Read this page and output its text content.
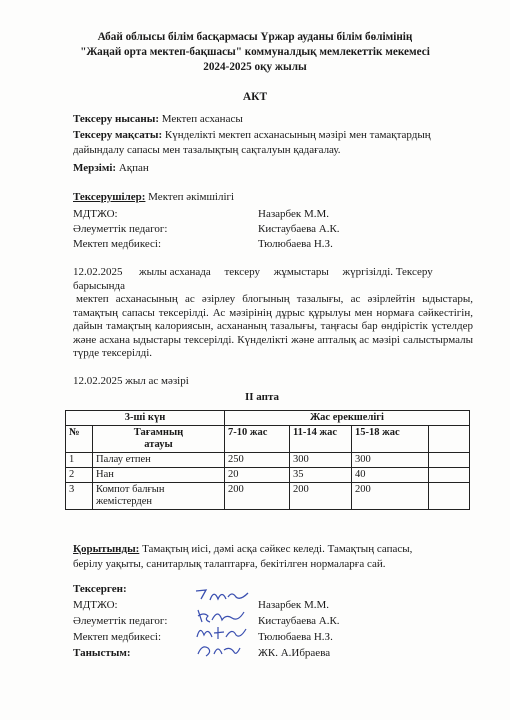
Абай облысы білім басқармасы Үржар ауданы білім бөлімінің
"Жаңай орта мектеп-бақшасы" коммуналдық мемлекеттік мекемесі
2024-2025 оқу жылы
АКТ
Тексеру нысаны: Мектеп асханасы
Тексеру мақсаты: Күнделікті мектеп асханасының мәзірі мен тамақтардың
дайындалу сапасы мен тазалықтың сақталуын қадағалау.
Мерзімі: Ақпан
Тексерушілер: Мектеп әкімшілігі
МДТЖО:	Назарбек М.М.
Әлеуметтік педагог:	Кистаубаева А.К.
Мектеп медбикесі:	Тюлюбаева Н.З.
12.02.2025      жылы асханада     тексеру     жұмыстары     жүргізілді. Тексеру
барысында
мектеп асханасының ас әзірлеу блогының тазалығы, ас әзірлейтін ыдыстары, тамақтың сапасы тексерілді. Ас мәзірінің дұрыс құрылуы мен нормаға сәйкестігін, дайын тамақтың калориясын, асхананың тазалығы, таңғасы бар өндірістік үстелдер және асхана ыдыстары тексерілді. Күнделікті және апталық ас мәзірі салыстырмалы түрде тексерілді.
12.02.2025 жыл ас мәзірі
II апта
3-ші күн		Жас ерекшелігі			
№	Тағамның
атауы	7-10 жас	11-14 жас	15-18 жас	
1	Палау етпен	250	300	300	
2	Нан	20	35	40	
3	Компот балғын жемістерден	200	200	200	
Қорытынды: Тамақтың иісі, дәмі асқа сәйкес келеді. Тамақтың сапасы,
берілу уақыты, санитарлық талаптарға, бекітілген нормаларға сай.
Тексерген:
МДТЖО:	Назарбек М.М.
Әлеуметтік педагог:	Кистаубаева А.К.
Мектеп медбикесі:	Тюлюбаева Н.З.
Таныстым:	ЖК. А.Ибраева
